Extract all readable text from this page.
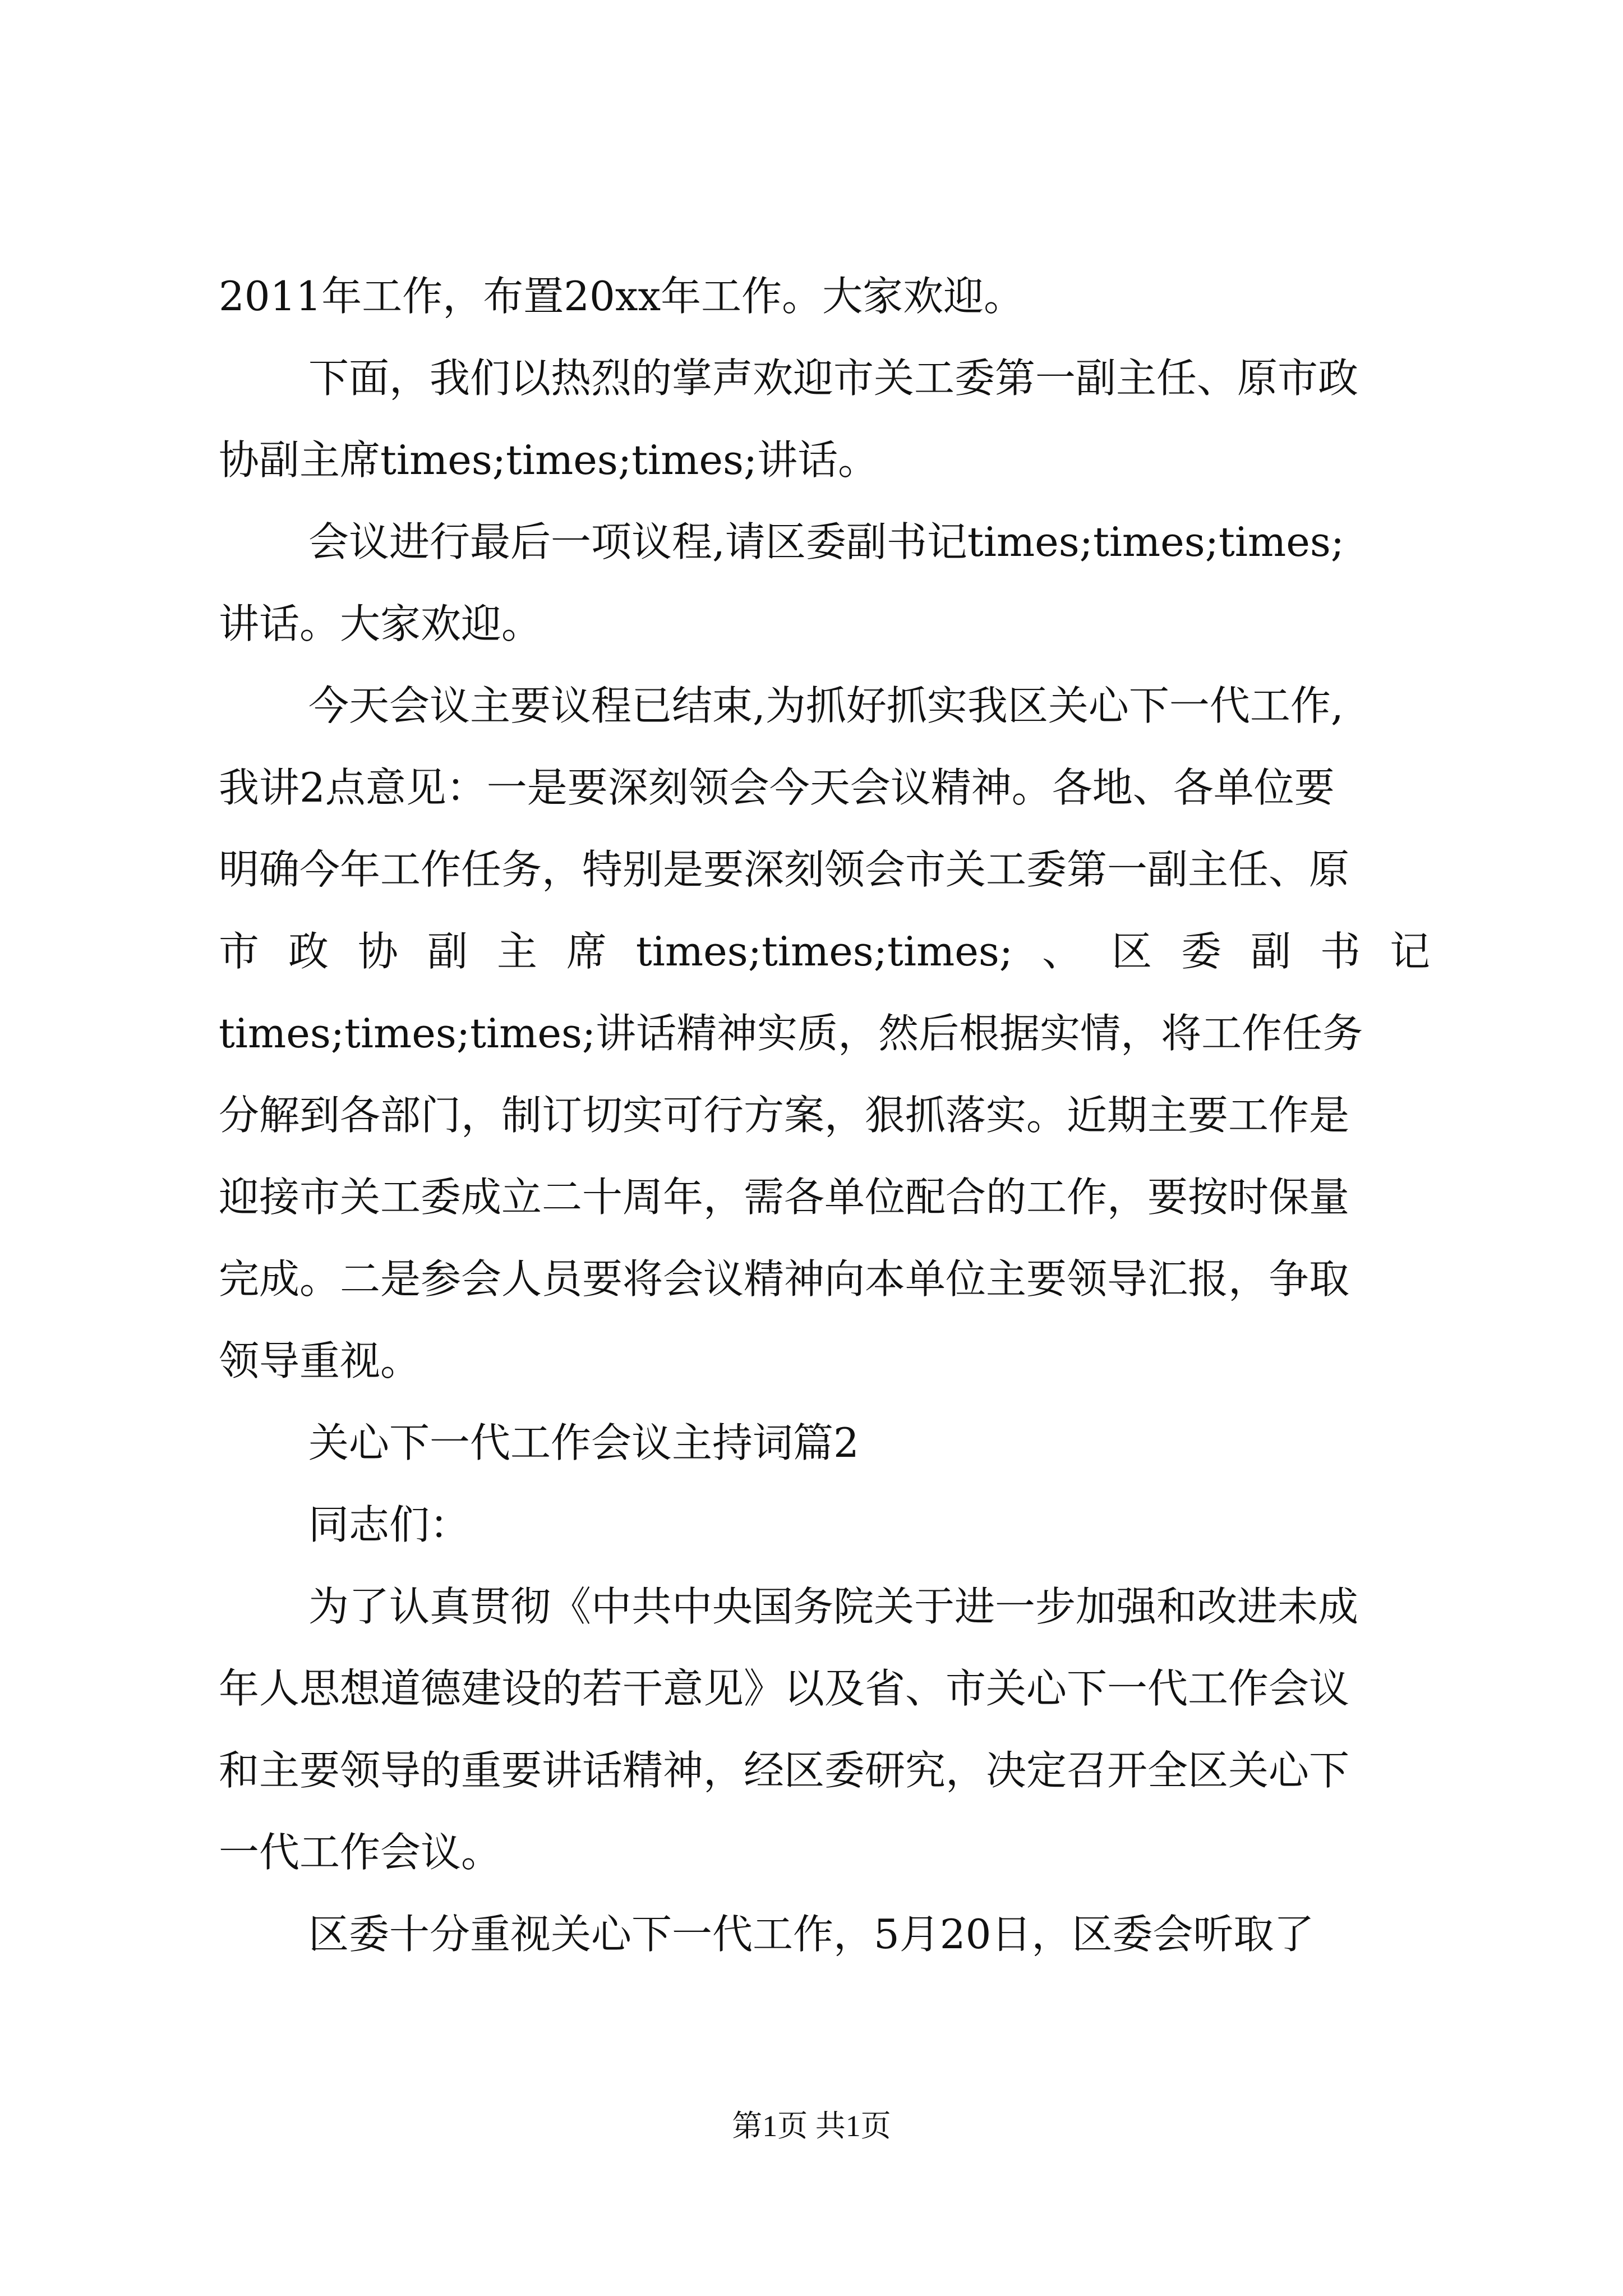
2011年工作，布置20xx年工作。大家欢迎。
下面，我们以热烈的掌声欢迎市关工委第一副主任、原市政
协副主席times;times;times;讲话。
会议进行最后一项议程,请区委副书记times;times;times;
讲话。大家欢迎。
今天会议主要议程已结束,为抓好抓实我区关心下一代工作,
我讲2点意见：一是要深刻领会今天会议精神。各地、各单位要
明确今年工作任务，特别是要深刻领会市关工委第一副主任、原
市 政 协 副 主 席 times;times;times; 、 区 委 副 书 记
times;times;times;讲话精神实质，然后根据实情，将工作任务
分解到各部门，制订切实可行方案，狠抓落实。近期主要工作是
迎接市关工委成立二十周年，需各单位配合的工作，要按时保量
完成。二是参会人员要将会议精神向本单位主要领导汇报，争取
领导重视。
关心下一代工作会议主持词篇2
同志们：
为了认真贯彻《中共中央国务院关于进一步加强和改进未成
年人思想道德建设的若干意见》以及省、市关心下一代工作会议
和主要领导的重要讲话精神，经区委研究，决定召开全区关心下
一代工作会议。
区委十分重视关心下一代工作，5月20日，区委会听取了
第1页 共1页
